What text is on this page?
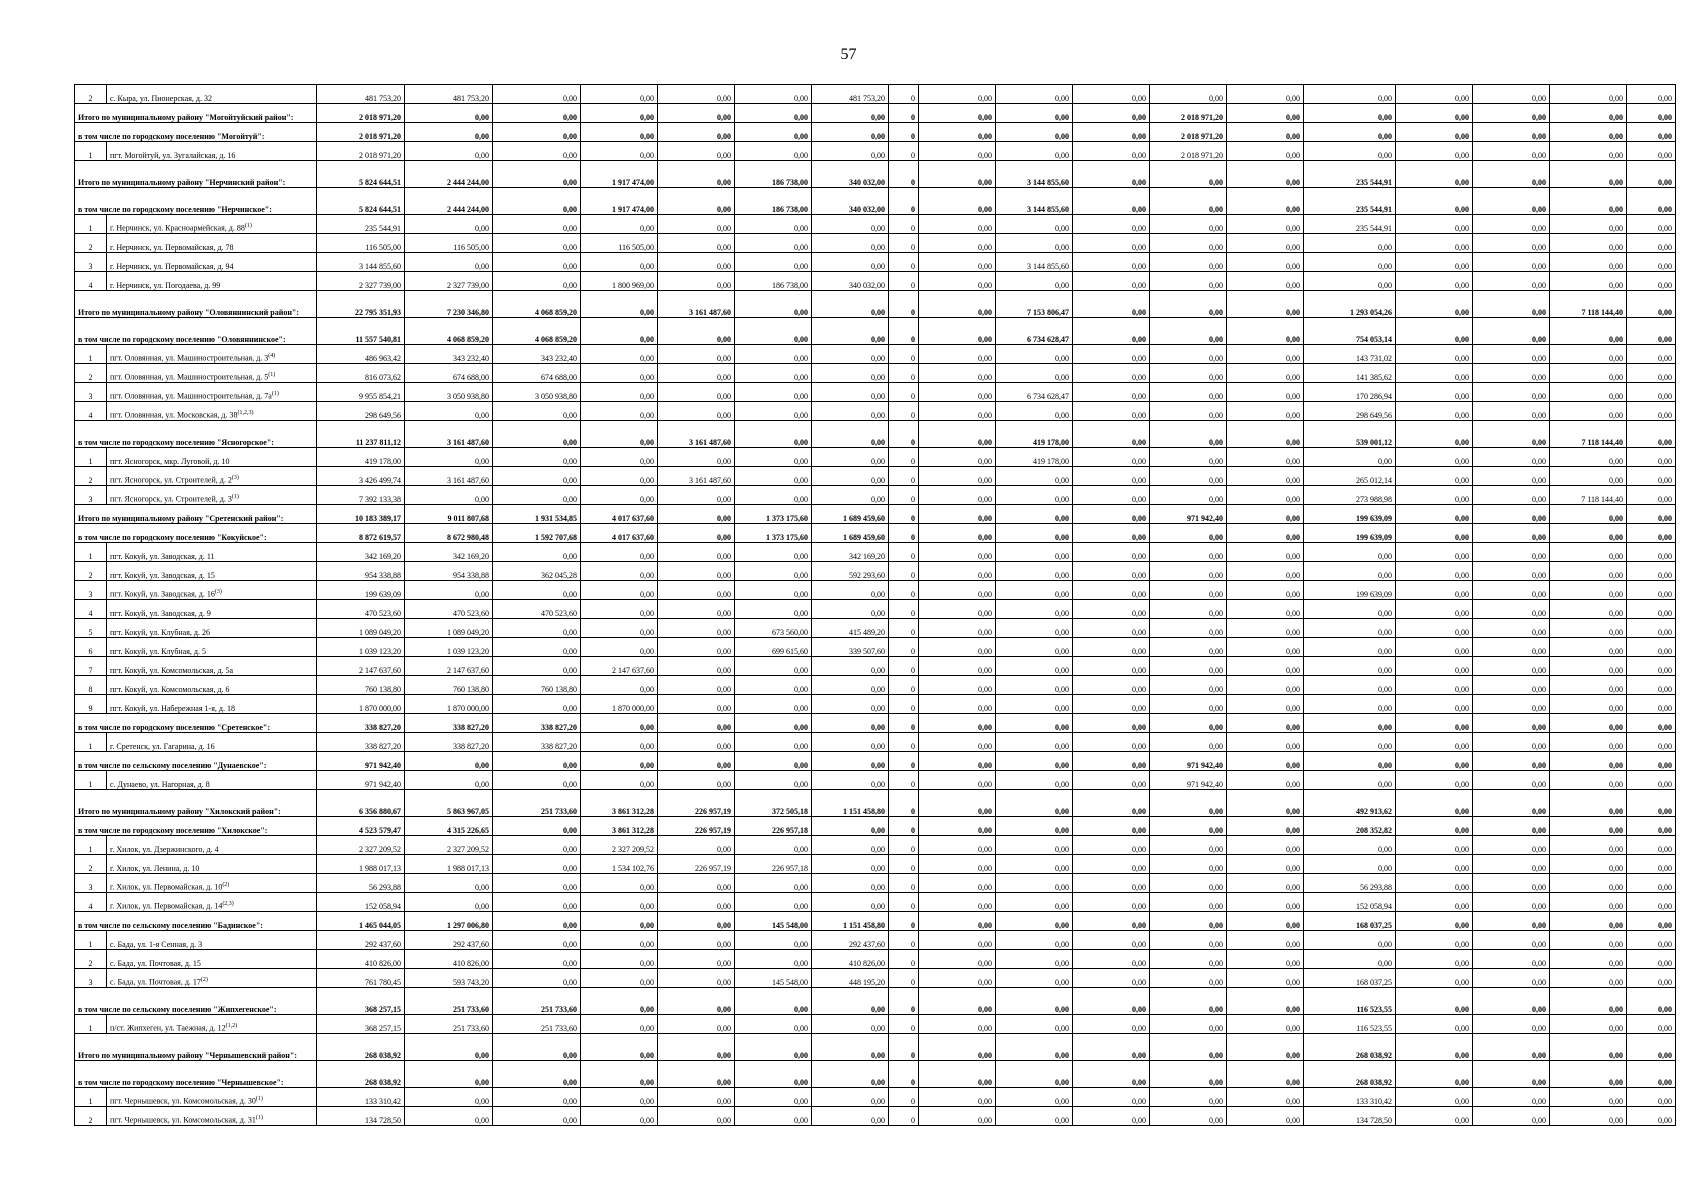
57
2	с. Кыра, ул. Пионерская, д. 32	481 753,20	481 753,20	0,00	0,00	0,00	0,00	481 753,20	0	0,00	0,00	0,00	0,00	0,00	0,00	0,00	0,00	0,00	0,00
Итого по муниципальному району "Могойтуйский район":		2 018 971,20	0,00	0,00	0,00	0,00	0,00	0,00	0	0,00	0,00	0,00	2 018 971,20	0,00	0,00	0,00	0,00	0,00	0,00
в том числе по городскому поселению "Могойтуй":		2 018 971,20	0,00	0,00	0,00	0,00	0,00	0,00	0	0,00	0,00	0,00	2 018 971,20	0,00	0,00	0,00	0,00	0,00	0,00
1	пгт. Могойтуй, ул. Зугалайская, д. 16	2 018 971,20	0,00	0,00	0,00	0,00	0,00	0,00	0	0,00	0,00	0,00	2 018 971,20	0,00	0,00	0,00	0,00	0,00	0,00
Итого по муниципальному району "Нерчинский район":		5 824 644,51	2 444 244,00	0,00	1 917 474,00	0,00	186 738,00	340 032,00	0	0,00	3 144 855,60	0,00	0,00	0,00	235 544,91	0,00	0,00	0,00	0,00
в том числе по городскому поселению "Нерчинское":		5 824 644,51	2 444 244,00	0,00	1 917 474,00	0,00	186 738,00	340 032,00	0	0,00	3 144 855,60	0,00	0,00	0,00	235 544,91	0,00	0,00	0,00	0,00
1	г. Нерчинск, ул. Красноармейская, д. 88$^{(1)}$	235 544,91	0,00	0,00	0,00	0,00	0,00	0,00	0	0,00	0,00	0,00	0,00	0,00	235 544,91	0,00	0,00	0,00	0,00
2	г. Нерчинск, ул. Первомайская, д. 78	116 505,00	116 505,00	0,00	116 505,00	0,00	0,00	0,00	0	0,00	0,00	0,00	0,00	0,00	0,00	0,00	0,00	0,00	0,00
3	г. Нерчинск, ул. Первомайская, д. 94	3 144 855,60	0,00	0,00	0,00	0,00	0,00	0,00	0	0,00	3 144 855,60	0,00	0,00	0,00	0,00	0,00	0,00	0,00	0,00
4	г. Нерчинск, ул. Погодаева, д. 99	2 327 739,00	2 327 739,00	0,00	1 800 969,00	0,00	186 738,00	340 032,00	0	0,00	0,00	0,00	0,00	0,00	0,00	0,00	0,00	0,00	0,00
Итого по муниципальному району "Оловяннинский район":		22 795 351,93	7 230 346,80	4 068 859,20	0,00	3 161 487,60	0,00	0,00	0	0,00	7 153 806,47	0,00	0,00	0,00	1 293 054,26	0,00	0,00	7 118 144,40	0,00
в том числе по городскому поселению "Оловяннинское":		11 557 540,81	4 068 859,20	4 068 859,20	0,00	0,00	0,00	0,00	0	0,00	6 734 628,47	0,00	0,00	0,00	754 053,14	0,00	0,00	0,00	0,00
1	пгт. Оловянная, ул. Машиностроительная, д. 3$^{(4)}$	486 963,42	343 232,40	343 232,40	0,00	0,00	0,00	0,00	0	0,00	0,00	0,00	0,00	0,00	143 731,02	0,00	0,00	0,00	0,00
2	пгт. Оловянная, ул. Машиностроительная, д. 5$^{(1)}$	816 073,62	674 688,00	674 688,00	0,00	0,00	0,00	0,00	0	0,00	0,00	0,00	0,00	0,00	141 385,62	0,00	0,00	0,00	0,00
3	пгт. Оловянная, ул. Машиностроительная, д. $7а^{(1)}$	9 955 854,21	3 050 938,80	3 050 938,80	0,00	0,00	0,00	0,00	0	0,00	6 734 628,47	0,00	0,00	0,00	170 286,94	0,00	0,00	0,00	0,00
4	пгт. Оловянная, ул. Московская, д. 38$^{(1,2,3)}$	298 649,56	0,00	0,00	0,00	0,00	0,00	0,00	0	0,00	0,00	0,00	0,00	0,00	298 649,56	0,00	0,00	0,00	0,00
в том числе по городскому поселению "Ясногорское":		11 237 811,12	3 161 487,60	0,00	0,00	3 161 487,60	0,00	0,00	0	0,00	419 178,00	0,00	0,00	0,00	539 001,12	0,00	0,00	7 118 144,40	0,00
1	пгт. Ясногорск, мкр. Луговой, д. 10	419 178,00	0,00	0,00	0,00	0,00	0,00	0,00	0	0,00	419 178,00	0,00	0,00	0,00	0,00	0,00	0,00	0,00	0,00
2	пгт. Ясногорск, ул. Строителей, д. 2$^{(3)}$	3 426 499,74	3 161 487,60	0,00	0,00	3 161 487,60	0,00	0,00	0	0,00	0,00	0,00	0,00	0,00	265 012,14	0,00	0,00	0,00	0,00
3	пгт. Ясногорск, ул. Строителей, д. 3$^{(1)}$	7 392 133,38	0,00	0,00	0,00	0,00	0,00	0,00	0	0,00	0,00	0,00	0,00	0,00	273 988,98	0,00	0,00	7 118 144,40	0,00
Итого по муниципальному району "Сретенский район":		10 183 389,17	9 011 807,68	1 931 534,85	4 017 637,60	0,00	1 373 175,60	1 689 459,60	0	0,00	0,00	0,00	971 942,40	0,00	199 639,09	0,00	0,00	0,00	0,00
в том числе по городскому поселению "Кокуйское":		8 872 619,57	8 672 980,48	1 592 707,68	4 017 637,60	0,00	1 373 175,60	1 689 459,60	0	0,00	0,00	0,00	0,00	0,00	199 639,09	0,00	0,00	0,00	0,00
1	пгт. Кокуй, ул. Заводская, д. 11	342 169,20	342 169,20	0,00	0,00	0,00	0,00	342 169,20	0	0,00	0,00	0,00	0,00	0,00	0,00	0,00	0,00	0,00	0,00
2	пгт. Кокуй, ул. Заводская, д. 15	954 338,88	954 338,88	362 045,28	0,00	0,00	0,00	592 293,60	0	0,00	0,00	0,00	0,00	0,00	0,00	0,00	0,00	0,00	0,00
3	пгт. Кокуй, ул. Заводская, д. 16$^{(3)}$	199 639,09	0,00	0,00	0,00	0,00	0,00	0,00	0	0,00	0,00	0,00	0,00	0,00	199 639,09	0,00	0,00	0,00	0,00
4	пгт. Кокуй, ул. Заводская, д. 9	470 523,60	470 523,60	470 523,60	0,00	0,00	0,00	0,00	0	0,00	0,00	0,00	0,00	0,00	0,00	0,00	0,00	0,00	0,00
5	пгт. Кокуй, ул. Клубная, д. 26	1 089 049,20	1 089 049,20	0,00	0,00	0,00	673 560,00	415 489,20	0	0,00	0,00	0,00	0,00	0,00	0,00	0,00	0,00	0,00	0,00
6	пгт. Кокуй, ул. Клубная, д. 5	1 039 123,20	1 039 123,20	0,00	0,00	0,00	699 615,60	339 507,60	0	0,00	0,00	0,00	0,00	0,00	0,00	0,00	0,00	0,00	0,00
7	пгт. Кокуй, ул. Комсомольская, д. 5а	2 147 637,60	2 147 637,60	0,00	2 147 637,60	0,00	0,00	0,00	0	0,00	0,00	0,00	0,00	0,00	0,00	0,00	0,00	0,00	0,00
8	пгт. Кокуй, ул. Комсомольская, д. 6	760 138,80	760 138,80	760 138,80	0,00	0,00	0,00	0,00	0	0,00	0,00	0,00	0,00	0,00	0,00	0,00	0,00	0,00	0,00
9	пгт. Кокуй, ул. Набережная 1-я, д. 18	1 870 000,00	1 870 000,00	0,00	1 870 000,00	0,00	0,00	0,00	0	0,00	0,00	0,00	0,00	0,00	0,00	0,00	0,00	0,00	0,00
в том числе по городскому поселению "Сретенское":		338 827,20	338 827,20	338 827,20	0,00	0,00	0,00	0,00	0	0,00	0,00	0,00	0,00	0,00	0,00	0,00	0,00	0,00	0,00
1	г. Сретенск, ул. Гагарина, д. 16	338 827,20	338 827,20	338 827,20	0,00	0,00	0,00	0,00	0	0,00	0,00	0,00	0,00	0,00	0,00	0,00	0,00	0,00	0,00
в том числе по сельскому поселению "Дунаевское":		971 942,40	0,00	0,00	0,00	0,00	0,00	0,00	0	0,00	0,00	0,00	971 942,40	0,00	0,00	0,00	0,00	0,00	0,00
1	с. Дунаево, ул. Нагорная, д. 8	971 942,40	0,00	0,00	0,00	0,00	0,00	0,00	0	0,00	0,00	0,00	971 942,40	0,00	0,00	0,00	0,00	0,00	0,00
Итого по муниципальному району "Хилокский район":		6 356 880,67	5 863 967,05	251 733,60	3 861 312,28	226 957,19	372 505,18	1 151 458,80	0	0,00	0,00	0,00	0,00	0,00	492 913,62	0,00	0,00	0,00	0,00
в том числе по городскому поселению "Хилокское":		4 523 579,47	4 315 226,65	0,00	3 861 312,28	226 957,19	226 957,18	0,00	0	0,00	0,00	0,00	0,00	0,00	208 352,82	0,00	0,00	0,00	0,00
1	г. Хилок, ул. Дзержинского, д. 4	2 327 209,52	2 327 209,52	0,00	2 327 209,52	0,00	0,00	0,00	0	0,00	0,00	0,00	0,00	0,00	0,00	0,00	0,00	0,00	0,00
2	г. Хилок, ул. Ленина, д. 10	1 988 017,13	1 988 017,13	0,00	1 534 102,76	226 957,19	226 957,18	0,00	0	0,00	0,00	0,00	0,00	0,00	0,00	0,00	0,00	0,00	0,00
3	г. Хилок, ул. Первомайская, д. 10$^{(2)}$	56 293,88	0,00	0,00	0,00	0,00	0,00	0,00	0	0,00	0,00	0,00	0,00	0,00	56 293,88	0,00	0,00	0,00	0,00
4	г. Хилок, ул. Первомайская, д. 14$^{(2,3)}$	152 058,94	0,00	0,00	0,00	0,00	0,00	0,00	0	0,00	0,00	0,00	0,00	0,00	152 058,94	0,00	0,00	0,00	0,00
в том числе по сельскому поселению "Бадинское":		1 465 044,05	1 297 006,80	0,00	0,00	0,00	145 548,00	1 151 458,80	0	0,00	0,00	0,00	0,00	0,00	168 037,25	0,00	0,00	0,00	0,00
1	с. Бада, ул. 1-я Сенная, д. 3	292 437,60	292 437,60	0,00	0,00	0,00	0,00	292 437,60	0	0,00	0,00	0,00	0,00	0,00	0,00	0,00	0,00	0,00	0,00
2	с. Бада, ул. Почтовая, д. 15	410 826,00	410 826,00	0,00	0,00	0,00	0,00	410 826,00	0	0,00	0,00	0,00	0,00	0,00	0,00	0,00	0,00	0,00	0,00
3	с. Бада, ул. Почтовая, д. 17$^{(2)}$	761 780,45	593 743,20	0,00	0,00	0,00	145 548,00	448 195,20	0	0,00	0,00	0,00	0,00	0,00	168 037,25	0,00	0,00	0,00	0,00
в том числе по сельскому поселению "Жипхегенское":		368 257,15	251 733,60	251 733,60	0,00	0,00	0,00	0,00	0	0,00	0,00	0,00	0,00	0,00	116 523,55	0,00	0,00	0,00	0,00
1	п/ст. Жипхеген, ул. Таежная, д. 12$^{(1,2)}$	368 257,15	251 733,60	251 733,60	0,00	0,00	0,00	0,00	0	0,00	0,00	0,00	0,00	0,00	116 523,55	0,00	0,00	0,00	0,00
Итого по муниципальному району "Чернышевский район":		268 038,92	0,00	0,00	0,00	0,00	0,00	0,00	0	0,00	0,00	0,00	0,00	0,00	268 038,92	0,00	0,00	0,00	0,00
в том числе по городскому поселению "Чернышевское":		268 038,92	0,00	0,00	0,00	0,00	0,00	0,00	0	0,00	0,00	0,00	0,00	0,00	268 038,92	0,00	0,00	0,00	0,00
1	пгт. Чернышевск, ул. Комсомольская, д. 30$^{(1)}$	133 310,42	0,00	0,00	0,00	0,00	0,00	0,00	0	0,00	0,00	0,00	0,00	0,00	133 310,42	0,00	0,00	0,00	0,00
2	пгт. Чернышевск, ул. Комсомольская, д. 31$^{(1)}$	134 728,50	0,00	0,00	0,00	0,00	0,00	0,00	0	0,00	0,00	0,00	0,00	0,00	134 728,50	0,00	0,00	0,00	0,00
